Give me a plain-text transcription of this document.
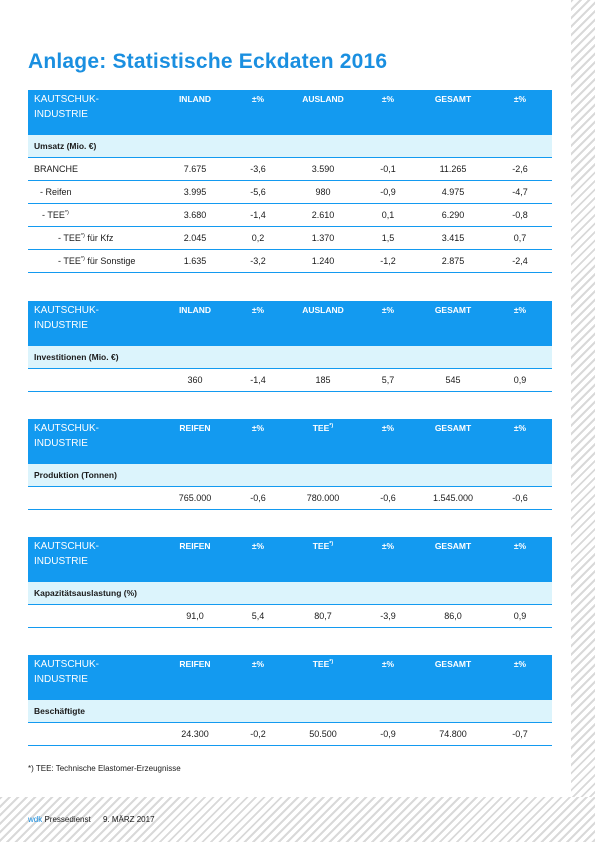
Anlage: Statistische Eckdaten 2016
KAUTSCHUK-
INDUSTRIE	INLAND	±%	AUSLAND	±%	GESAMT	±%
Umsatz (Mio. €)						
BRANCHE	7.675	-3,6	3.590	-0,1	11.265	-2,6
- Reifen	3.995	-5,6	980	-0,9	4.975	-4,7
- TEE*)	3.680	-1,4	2.610	0,1	6.290	-0,8
- TEE*) für Kfz	2.045	0,2	1.370	1,5	3.415	0,7
- TEE*) für Sonstige	1.635	-3,2	1.240	-1,2	2.875	-2,4
KAUTSCHUK-
INDUSTRIE	INLAND	±%	AUSLAND	±%	GESAMT	±%
Investitionen (Mio. €)						
	360	-1,4	185	5,7	545	0,9
KAUTSCHUK-
INDUSTRIE	REIFEN	±%	TEE*)	±%	GESAMT	±%
Produktion (Tonnen)						
	765.000	-0,6	780.000	-0,6	1.545.000	-0,6
KAUTSCHUK-
INDUSTRIE	REIFEN	±%	TEE*)	±%	GESAMT	±%
Kapazitätsauslastung (%)						
	91,0	5,4	80,7	-3,9	86,0	0,9
KAUTSCHUK-
INDUSTRIE	REIFEN	±%	TEE*)	±%	GESAMT	±%
Beschäftigte						
	24.300	-0,2	50.500	-0,9	74.800	-0,7

*) TEE: Technische Elastomer-Erzeugnisse

wdk Pressedienst 9. MÄRZ 2017
